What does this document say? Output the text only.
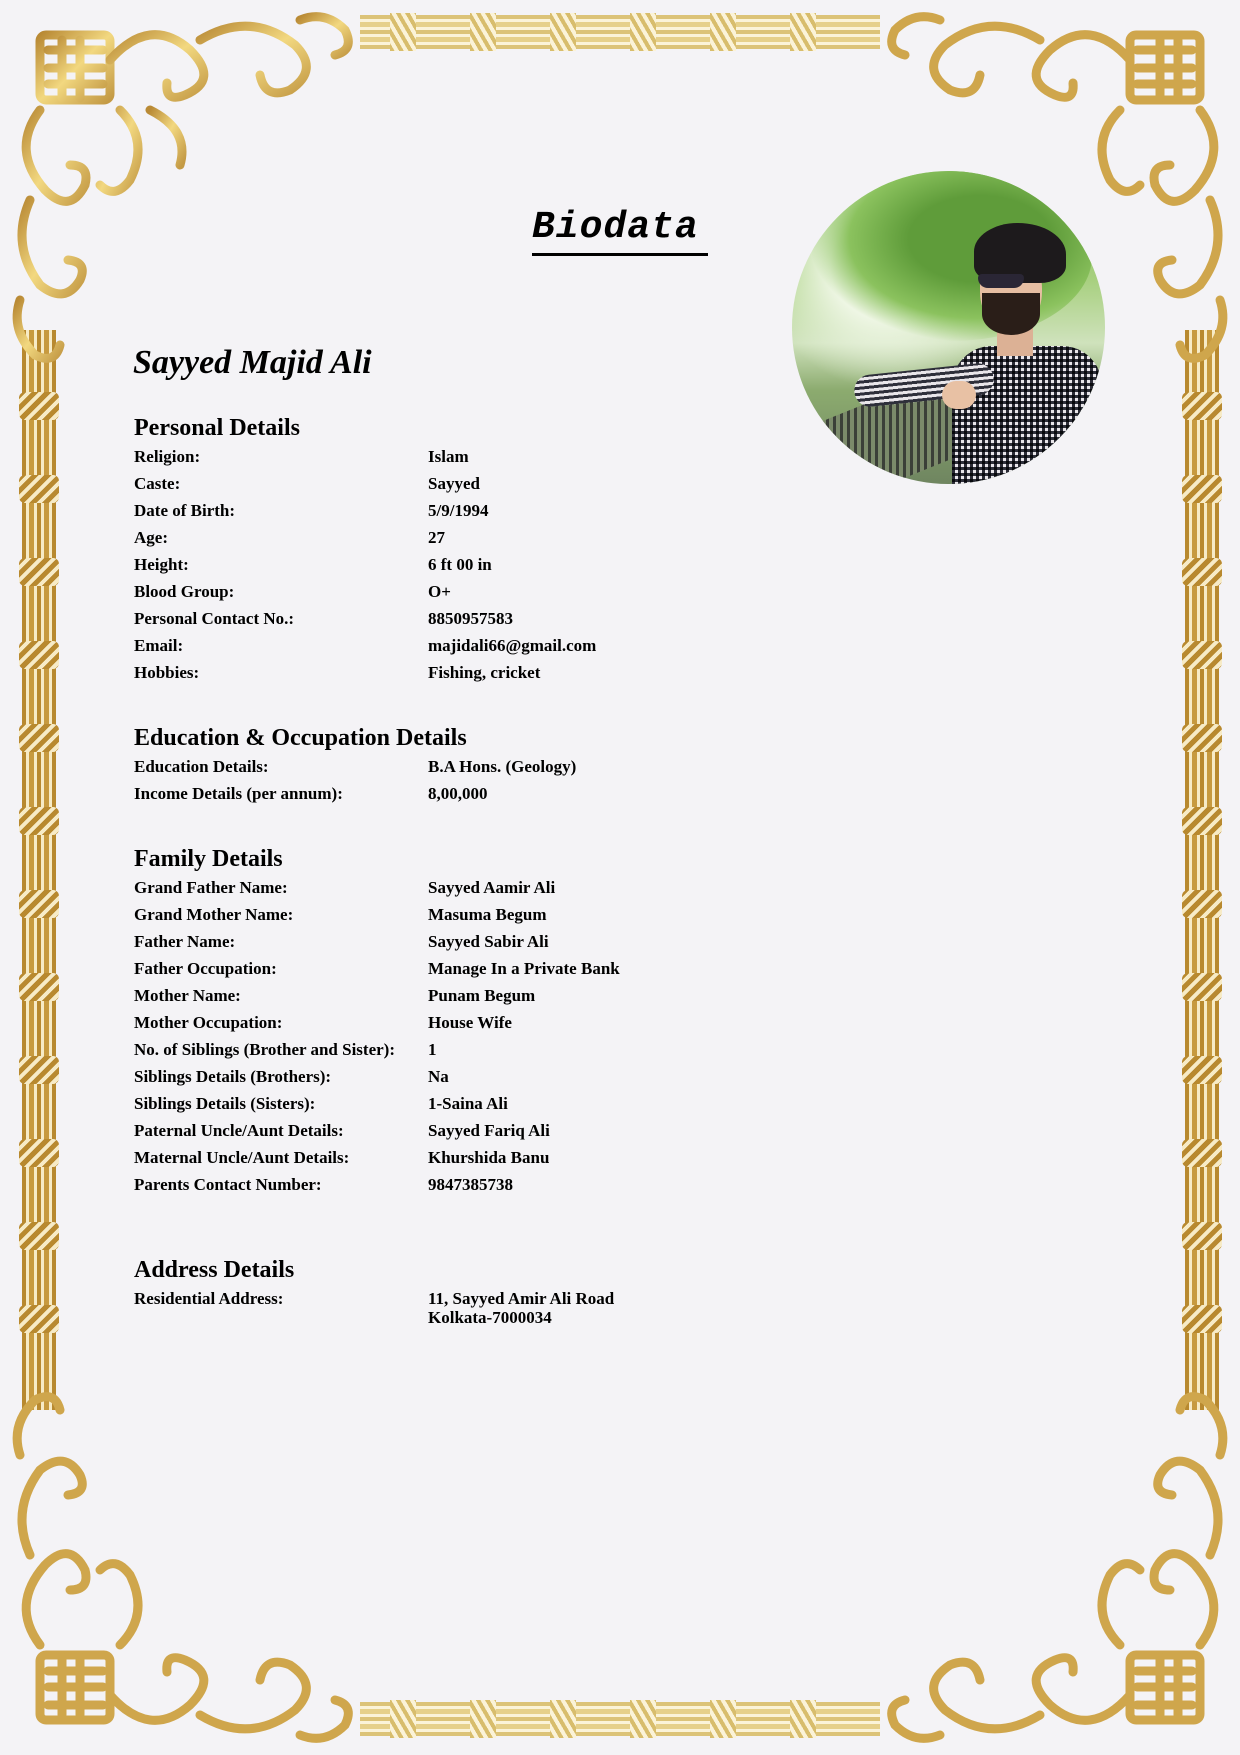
Biodata
Sayyed Majid Ali
Personal Details
Religion:	Islam
Caste:	Sayyed
Date of Birth:	5/9/1994
Age:	27
Height:	6 ft 00 in
Blood Group:	O+
Personal Contact No.:	8850957583
Email:	majidali66@gmail.com
Hobbies:	Fishing, cricket
Education & Occupation Details
Education Details:	B.A Hons. (Geology)
Income Details (per annum):	8,00,000
Family Details
Grand Father Name:	Sayyed Aamir Ali
Grand Mother Name:	Masuma Begum
Father Name:	Sayyed Sabir Ali
Father Occupation:	Manage In a Private Bank
Mother Name:	Punam Begum
Mother Occupation:	House Wife
No. of Siblings (Brother and Sister):	1
Siblings Details (Brothers):	Na
Siblings Details (Sisters):	1-Saina Ali
Paternal Uncle/Aunt Details:	Sayyed Fariq Ali
Maternal Uncle/Aunt Details:	Khurshida Banu
Parents Contact Number:	9847385738
Address Details
Residential Address:	11, Sayyed Amir Ali Road
Kolkata-7000034
